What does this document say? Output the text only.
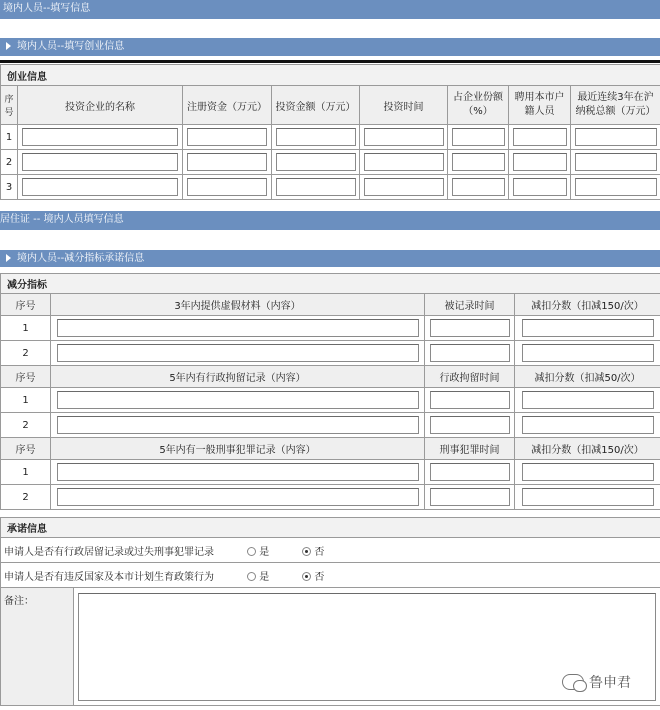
境内人员--填写信息
境内人员--填写创业信息
创业信息							
序号	投资企业的名称	注册资金（万元）	投资金额（万元）	投资时间	占企业份额（%）	聘用本市户籍人员	最近连续3年在沪纳税总额（万元）
1	

2	

3	

居住证 -- 境内人员填写信息
境内人员--减分指标承诺信息
减分指标			
序号	3年内提供虚假材料（内容）	被记录时间	减扣分数（扣减150/次）
1	

2	

序号	5年内有行政拘留记录（内容）	行政拘留时间	减扣分数（扣减50/次）
1	

2	

序号	5年内有一般刑事犯罪记录（内容）	刑事犯罪时间	减扣分数（扣减150/次）
1	

2	

承诺信息
申请人是否有行政居留记录或过失刑事犯罪记录	是	否
申请人是否有违反国家及本市计划生育政策行为	是	否
备注：	
鲁申君
